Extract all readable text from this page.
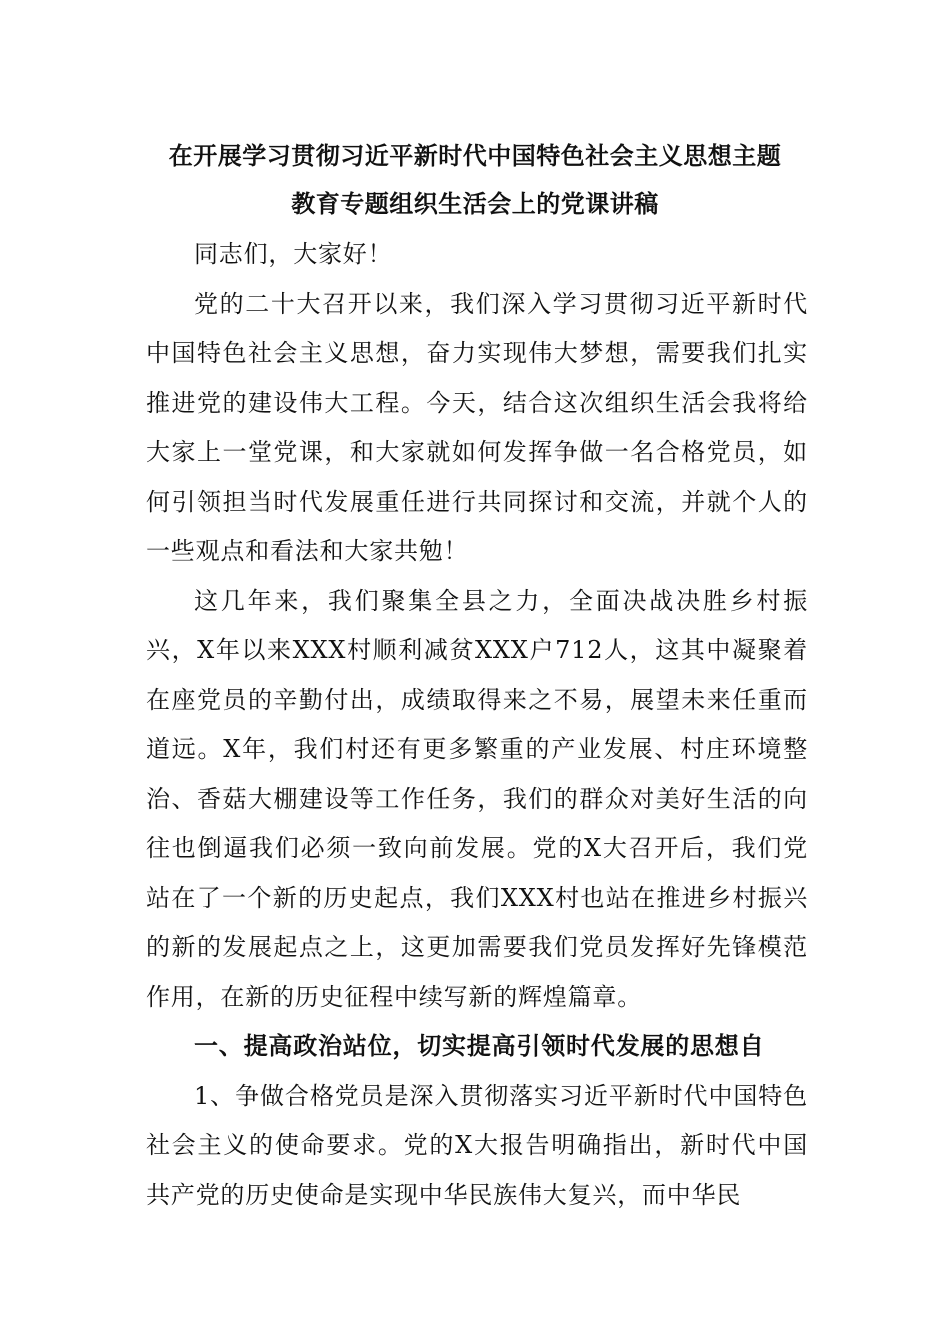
在开展学习贯彻习近平新时代中国特色社会主义思想主题
教育专题组织生活会上的党课讲稿

同志们，大家好！

党的二十大召开以来，我们深入学习贯彻习近平新时代中国特色社会主义思想，奋力实现伟大梦想，需要我们扎实推进党的建设伟大工程。今天，结合这次组织生活会我将给大家上一堂党课，和大家就如何发挥争做一名合格党员，如何引领担当时代发展重任进行共同探讨和交流，并就个人的一些观点和看法和大家共勉！

这几年来，我们聚集全县之力，全面决战决胜乡村振兴，X年以来XXX村顺利减贫XXX户712人，这其中凝聚着在座党员的辛勤付出，成绩取得来之不易，展望未来任重而道远。X年，我们村还有更多繁重的产业发展、村庄环境整治、香菇大棚建设等工作任务，我们的群众对美好生活的向往也倒逼我们必须一致向前发展。党的X大召开后，我们党站在了一个新的历史起点，我们XXX村也站在推进乡村振兴的新的发展起点之上，这更加需要我们党员发挥好先锋模范作用，在新的历史征程中续写新的辉煌篇章。

一、提高政治站位，切实提高引领时代发展的思想自

1、争做合格党员是深入贯彻落实习近平新时代中国特色社会主义的使命要求。党的X大报告明确指出，新时代中国共产党的历史使命是实现中华民族伟大复兴，而中华民
